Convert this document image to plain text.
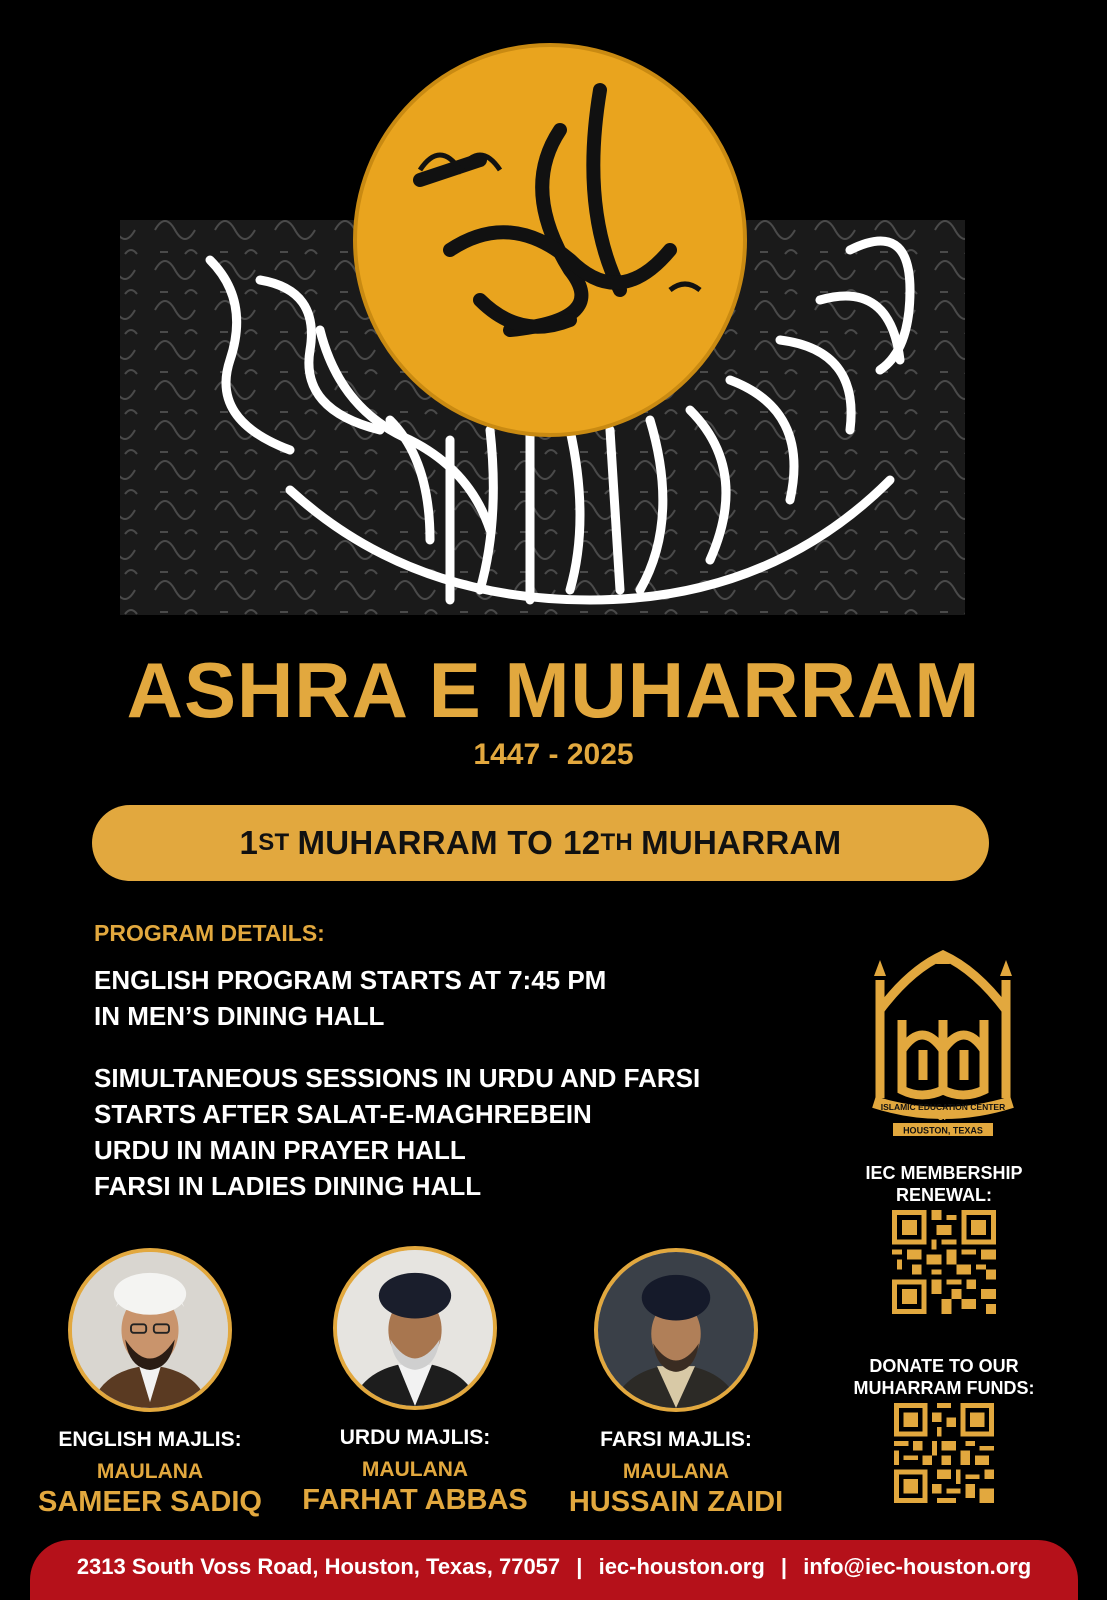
ASHRA E MUHARRAM
1447 - 2025
1 ST MUHARRAM TO 12 TH MUHARRAM
PROGRAM DETAILS:
ENGLISH PROGRAM STARTS AT 7:45 PM
IN MEN’S DINING HALL
SIMULTANEOUS SESSIONS IN URDU AND FARSI
STARTS AFTER SALAT-E-MAGHREBEIN
URDU IN MAIN PRAYER HALL
FARSI IN LADIES DINING HALL
ISLAMIC EDUCATION CENTER
OF
HOUSTON, TEXAS
IEC MEMBERSHIP
RENEWAL:
DONATE TO OUR
MUHARRAM FUNDS:
ENGLISH MAJLIS:
MAULANA
SAMEER SADIQ
URDU MAJLIS:
MAULANA
FARHAT ABBAS
FARSI MAJLIS:
MAULANA
HUSSAIN ZAIDI
2313 South Voss Road, Houston, Texas, 77057 | iec-houston.org | info@iec-houston.org
